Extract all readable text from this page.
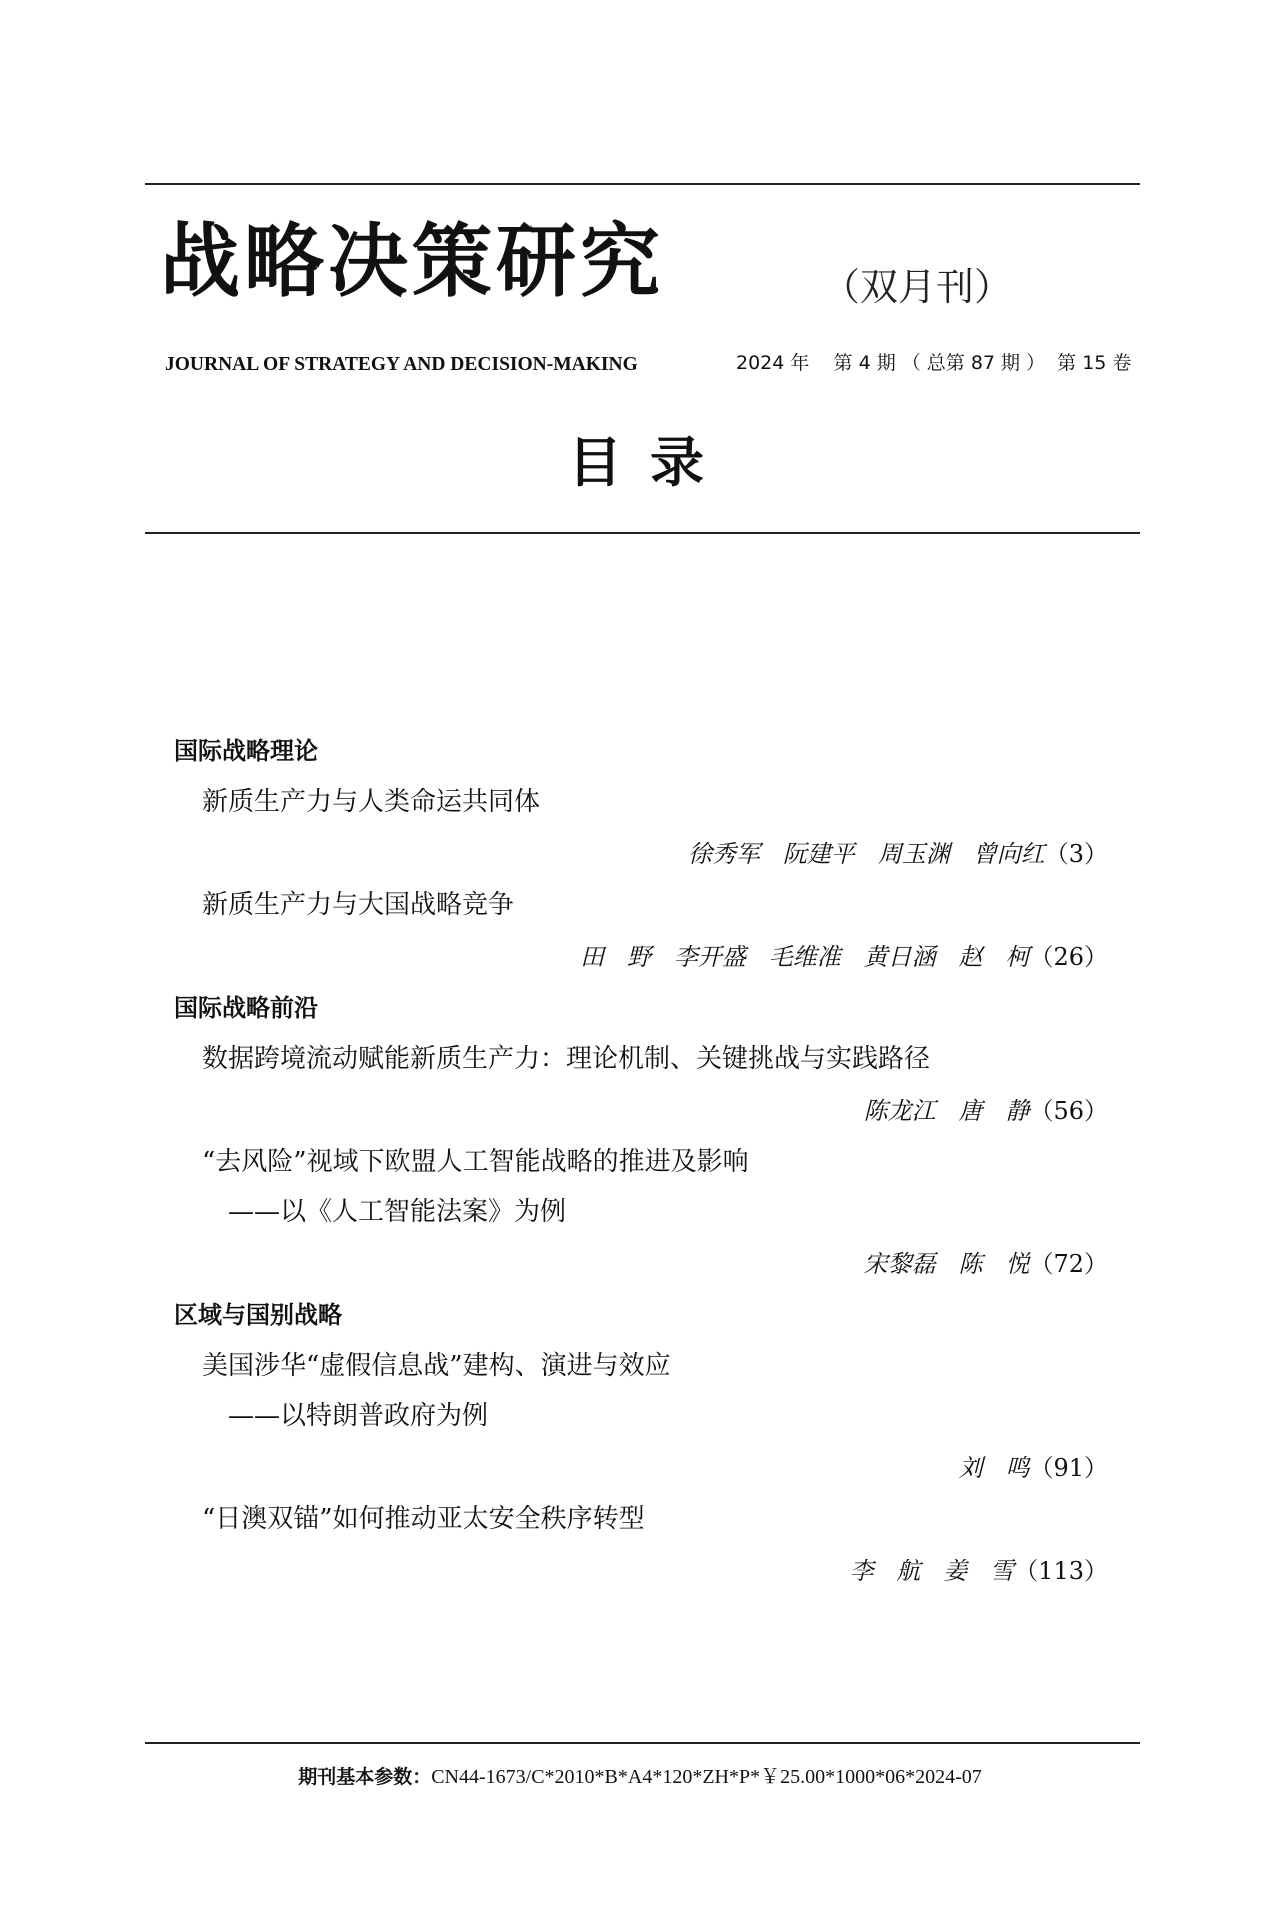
战略决策研究	（双月刊）
JOURNAL OF STRATEGY AND DECISION-MAKING	2024 年    第 4 期 （ 总第 87 期 ）  第 15 卷
目录
国际战略理论
新质生产力与人类命运共同体
徐秀军   阮建平   周玉渊   曾向红（3）
新质生产力与大国战略竞争
田   野   李开盛   毛维准   黄日涵   赵   柯（26）
国际战略前沿
数据跨境流动赋能新质生产力：理论机制、关键挑战与实践路径
陈龙江   唐   静（56）
“去风险”视域下欧盟人工智能战略的推进及影响
——以《人工智能法案》为例
宋黎磊   陈   悦（72）
区域与国别战略
美国涉华“虚假信息战”建构、演进与效应
——以特朗普政府为例
刘   鸣（91）
“日澳双锚”如何推动亚太安全秩序转型
李   航   姜   雪（113）
期刊基本参数：CN44-1673/C*2010*B*A4*120*ZH*P*￥25.00*1000*06*2024-07
